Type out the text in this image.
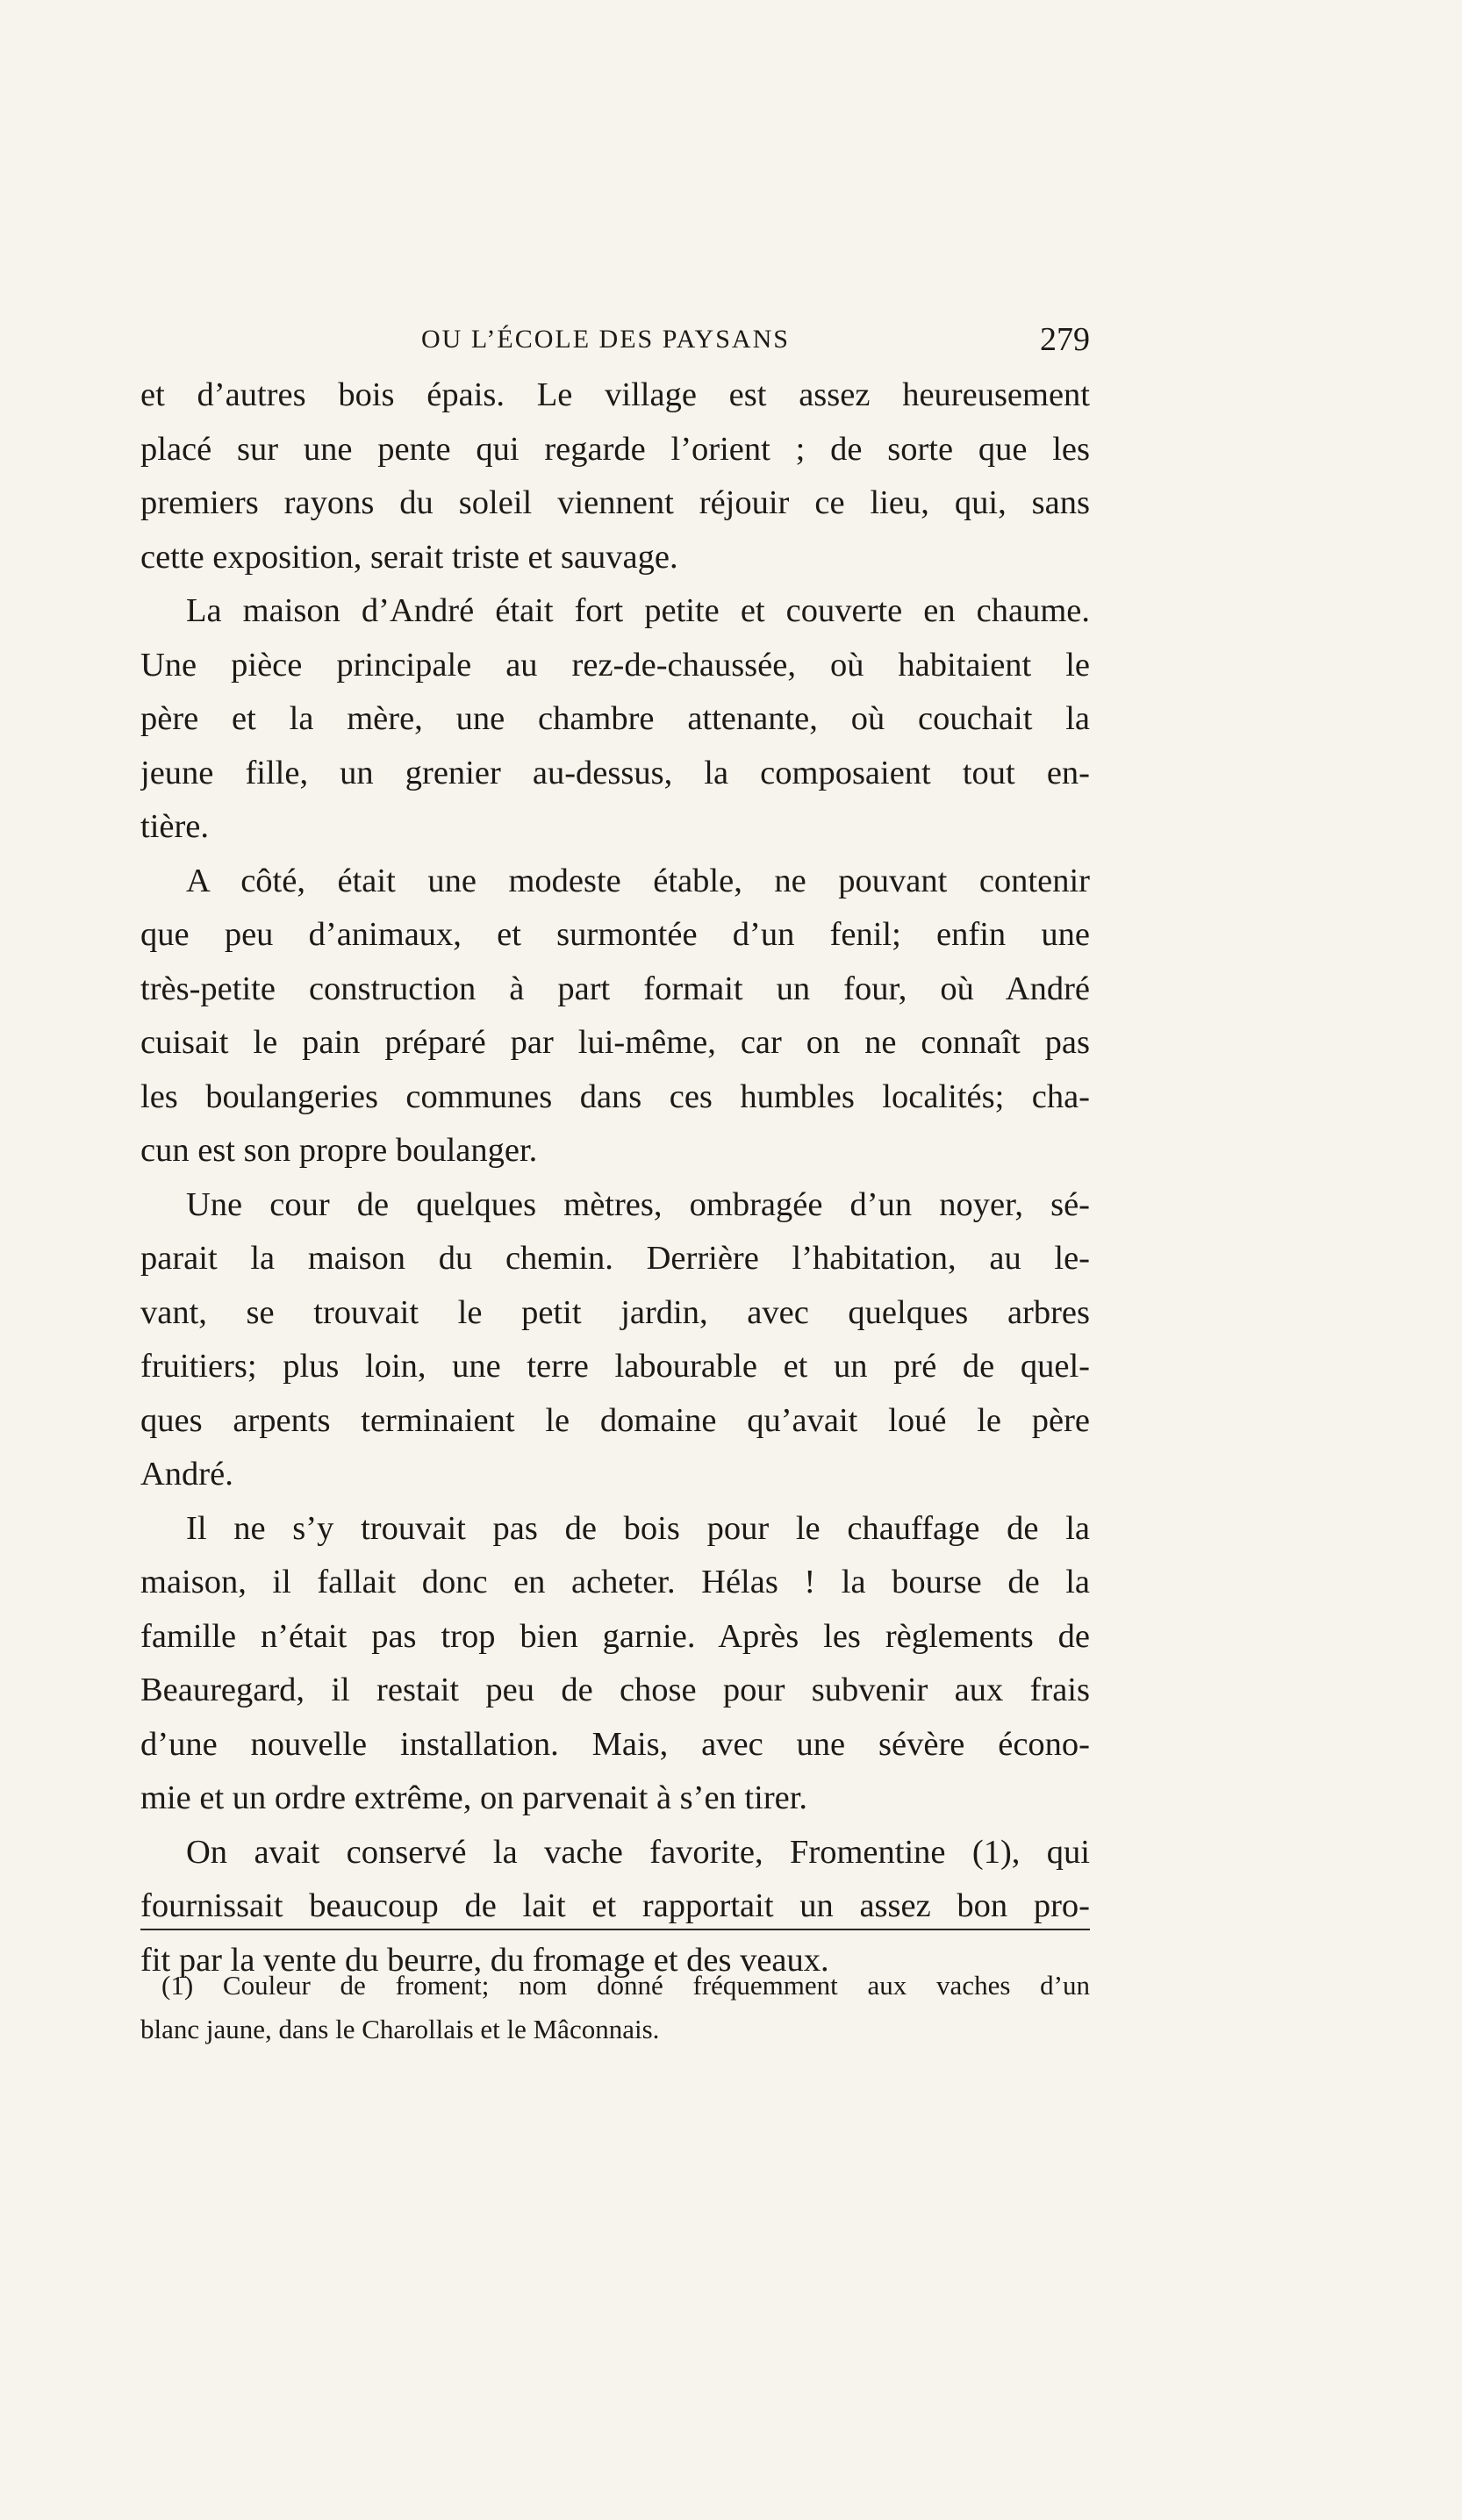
OU L’ÉCOLE DES PAYSANS	279
et d’autres bois épais. Le village est assez heureusement
placé sur une pente qui regarde l’orient ; de sorte que les
premiers rayons du soleil viennent réjouir ce lieu, qui, sans
cette exposition, serait triste et sauvage.
La maison d’André était fort petite et couverte en chaume.
Une pièce principale au rez-de-chaussée, où habitaient le
père et la mère, une chambre attenante, où couchait la
jeune fille, un grenier au-dessus, la composaient tout en-
tière.
A côté, était une modeste étable, ne pouvant contenir
que peu d’animaux, et surmontée d’un fenil; enfin une
très-petite construction à part formait un four, où André
cuisait le pain préparé par lui-même, car on ne connaît pas
les boulangeries communes dans ces humbles localités; cha-
cun est son propre boulanger.
Une cour de quelques mètres, ombragée d’un noyer, sé-
parait la maison du chemin. Derrière l’habitation, au le-
vant, se trouvait le petit jardin, avec quelques arbres
fruitiers; plus loin, une terre labourable et un pré de quel-
ques arpents terminaient le domaine qu’avait loué le père
André.
Il ne s’y trouvait pas de bois pour le chauffage de la
maison, il fallait donc en acheter. Hélas ! la bourse de la
famille n’était pas trop bien garnie. Après les règlements de
Beauregard, il restait peu de chose pour subvenir aux frais
d’une nouvelle installation. Mais, avec une sévère écono-
mie et un ordre extrême, on parvenait à s’en tirer.
On avait conservé la vache favorite, Fromentine (1), qui
fournissait beaucoup de lait et rapportait un assez bon pro-
fit par la vente du beurre, du fromage et des veaux.
(1) Couleur de froment; nom donné fréquemment aux vaches d’un
blanc jaune, dans le Charollais et le Mâconnais.
